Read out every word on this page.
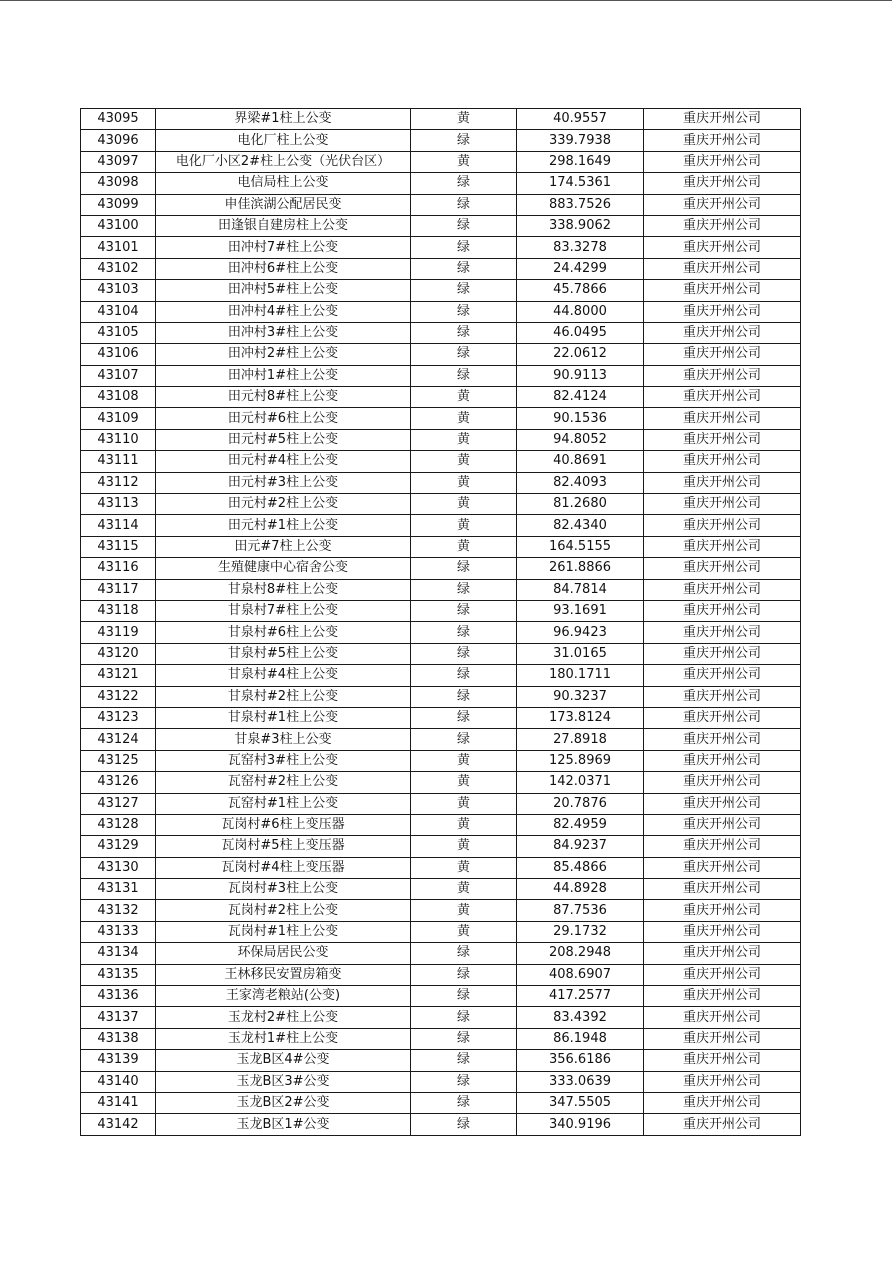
43095	界梁#1柱上公变	黄	40.9557	重庆开州公司
43096	电化厂柱上公变	绿	339.7938	重庆开州公司
43097	电化厂小区2#柱上公变（光伏台区）	黄	298.1649	重庆开州公司
43098	电信局柱上公变	绿	174.5361	重庆开州公司
43099	申佳滨湖公配居民变	绿	883.7526	重庆开州公司
43100	田逢银自建房柱上公变	绿	338.9062	重庆开州公司
43101	田冲村7#柱上公变	绿	83.3278	重庆开州公司
43102	田冲村6#柱上公变	绿	24.4299	重庆开州公司
43103	田冲村5#柱上公变	绿	45.7866	重庆开州公司
43104	田冲村4#柱上公变	绿	44.8000	重庆开州公司
43105	田冲村3#柱上公变	绿	46.0495	重庆开州公司
43106	田冲村2#柱上公变	绿	22.0612	重庆开州公司
43107	田冲村1#柱上公变	绿	90.9113	重庆开州公司
43108	田元村8#柱上公变	黄	82.4124	重庆开州公司
43109	田元村#6柱上公变	黄	90.1536	重庆开州公司
43110	田元村#5柱上公变	黄	94.8052	重庆开州公司
43111	田元村#4柱上公变	黄	40.8691	重庆开州公司
43112	田元村#3柱上公变	黄	82.4093	重庆开州公司
43113	田元村#2柱上公变	黄	81.2680	重庆开州公司
43114	田元村#1柱上公变	黄	82.4340	重庆开州公司
43115	田元#7柱上公变	黄	164.5155	重庆开州公司
43116	生殖健康中心宿舍公变	绿	261.8866	重庆开州公司
43117	甘泉村8#柱上公变	绿	84.7814	重庆开州公司
43118	甘泉村7#柱上公变	绿	93.1691	重庆开州公司
43119	甘泉村#6柱上公变	绿	96.9423	重庆开州公司
43120	甘泉村#5柱上公变	绿	31.0165	重庆开州公司
43121	甘泉村#4柱上公变	绿	180.1711	重庆开州公司
43122	甘泉村#2柱上公变	绿	90.3237	重庆开州公司
43123	甘泉村#1柱上公变	绿	173.8124	重庆开州公司
43124	甘泉#3柱上公变	绿	27.8918	重庆开州公司
43125	瓦窑村3#柱上公变	黄	125.8969	重庆开州公司
43126	瓦窑村#2柱上公变	黄	142.0371	重庆开州公司
43127	瓦窑村#1柱上公变	黄	20.7876	重庆开州公司
43128	瓦岗村#6柱上变压器	黄	82.4959	重庆开州公司
43129	瓦岗村#5柱上变压器	黄	84.9237	重庆开州公司
43130	瓦岗村#4柱上变压器	黄	85.4866	重庆开州公司
43131	瓦岗村#3柱上公变	黄	44.8928	重庆开州公司
43132	瓦岗村#2柱上公变	黄	87.7536	重庆开州公司
43133	瓦岗村#1柱上公变	黄	29.1732	重庆开州公司
43134	环保局居民公变	绿	208.2948	重庆开州公司
43135	王林移民安置房箱变	绿	408.6907	重庆开州公司
43136	王家湾老粮站(公变)	绿	417.2577	重庆开州公司
43137	玉龙村2#柱上公变	绿	83.4392	重庆开州公司
43138	玉龙村1#柱上公变	绿	86.1948	重庆开州公司
43139	玉龙B区4#公变	绿	356.6186	重庆开州公司
43140	玉龙B区3#公变	绿	333.0639	重庆开州公司
43141	玉龙B区2#公变	绿	347.5505	重庆开州公司
43142	玉龙B区1#公变	绿	340.9196	重庆开州公司
